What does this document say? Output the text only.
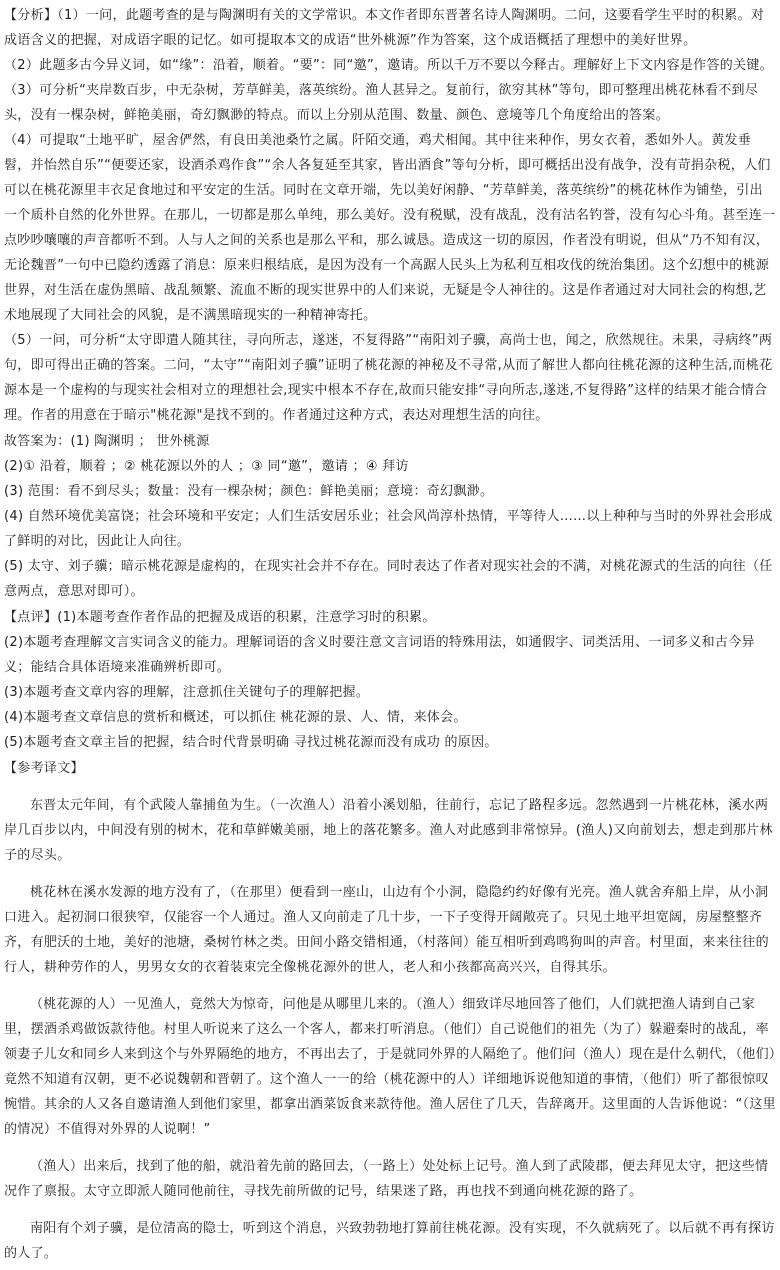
【分析】（1）一问，此题考查的是与陶渊明有关的文学常识。本文作者即东晋著名诗人陶渊明。二问，这要看学生平时的积累。对成语含义的把握，对成语字眼的记忆。如可提取本文的成语“世外桃源”作为答案，这个成语概括了理想中的美好世界。

（2）此题多古今异义词，如“缘”：沿着，顺着。“要”：同“邀”，邀请。所以千万不要以今释古。理解好上下文内容是作答的关键。

（3）可分析“夹岸数百步，中无杂树，芳草鲜美，落英缤纷。渔人甚异之。复前行，欲穷其林”等句，即可整理出桃花林看不到尽头，没有一棵杂树，鲜艳美丽，奇幻飘渺的特点。而以上分别从范围、数量、颜色、意境等几个角度给出的答案。

（4）可提取“土地平旷，屋舍俨然，有良田美池桑竹之属。阡陌交通，鸡犬相闻。其中往来种作，男女衣着，悉如外人。黄发垂髫，并怡然自乐”“便要还家，设酒杀鸡作食”“余人各复延至其家，皆出酒食”等句分析，即可概括出没有战争，没有苛捐杂税，人们可以在桃花源里丰衣足食地过和平安定的生活。同时在文章开端，先以美好闲静、“芳草鲜美，落英缤纷”的桃花林作为铺垫，引出一个质朴自然的化外世界。在那儿，一切都是那么单纯，那么美好。没有税赋，没有战乱，没有沽名钓誉，没有勾心斗角。甚至连一点吵吵嚷嚷的声音都听不到。人与人之间的关系也是那么平和，那么诚恳。造成这一切的原因，作者没有明说，但从“乃不知有汉，无论魏晋”一句中已隐约透露了消息：原来归根结底，是因为没有一个高踞人民头上为私利互相攻伐的统治集团。这个幻想中的桃源世界，对生活在虚伪黑暗、战乱频繁、流血不断的现实世界中的人们来说，无疑是令人神往的。这是作者通过对大同社会的构想,艺术地展现了大同社会的风貌，是不满黑暗现实的一种精神寄托。

（5）一问，可分析“太守即遣人随其往，寻向所志，遂迷，不复得路”“南阳刘子骥，高尚士也，闻之，欣然规往。未果，寻病终”两句，即可得出正确的答案。二问，“太守”“南阳刘子骥”证明了桃花源的神秘及不寻常,从而了解世人都向往桃花源的这种生活,而桃花源本是一个虚构的与现实社会相对立的理想社会,现实中根本不存在,故而只能安排“寻向所志,遂迷,不复得路”这样的结果才能合情合理。作者的用意在于暗示"桃花源"是找不到的。作者通过这种方式，表达对理想生活的向往。

故答案为：(1) 陶渊明 ； 世外桃源

(2)① 沿着，顺着 ；② 桃花源以外的人 ；③ 同“邀”，邀请 ；④ 拜访

(3) 范围：看不到尽头；数量：没有一棵杂树；颜色：鲜艳美丽；意境：奇幻飘渺。

(4) 自然环境优美富饶；社会环境和平安定；人们生活安居乐业；社会风尚淳朴热情，平等待人……以上种种与当时的外界社会形成了鲜明的对比，因此让人向往。

(5) 太守、刘子骥；暗示桃花源是虚构的，在现实社会并不存在。同时表达了作者对现实社会的不满，对桃花源式的生活的向往（任意两点，意思对即可）。

【点评】(1)本题考查作者作品的把握及成语的积累，注意学习时的积累。

(2)本题考查理解文言实词含义的能力。理解词语的含义时要注意文言词语的特殊用法，如通假字、词类活用、一词多义和古今异义；能结合具体语境来准确辨析即可。

(3)本题考查文章内容的理解，注意抓住关键句子的理解把握。

(4)本题考查文章信息的赏析和概述，可以抓住 桃花源的景、人、情，来体会。

(5)本题考查文章主旨的把握，结合时代背景明确 寻找过桃花源而没有成功 的原因。

【参考译文】

东晋太元年间，有个武陵人靠捕鱼为生。（一次渔人）沿着小溪划船，往前行，忘记了路程多远。忽然遇到一片桃花林，溪水两岸几百步以内，中间没有别的树木，花和草鲜嫩美丽，地上的落花繁多。渔人对此感到非常惊异。(渔人)又向前划去，想走到那片林子的尽头。

桃花林在溪水发源的地方没有了，（在那里）便看到一座山，山边有个小洞，隐隐约约好像有光亮。渔人就舍弃船上岸，从小洞口进入。起初洞口很狭窄，仅能容一个人通过。渔人又向前走了几十步，一下子变得开阔敞亮了。只见土地平坦宽阔，房屋整整齐齐，有肥沃的土地，美好的池塘，桑树竹林之类。田间小路交错相通，（村落间）能互相听到鸡鸣狗叫的声音。村里面，来来往往的行人，耕种劳作的人，男男女女的衣着装束完全像桃花源外的世人，老人和小孩都高高兴兴，自得其乐。

（桃花源的人）一见渔人，竟然大为惊奇，问他是从哪里儿来的。（渔人）细致详尽地回答了他们，人们就把渔人请到自己家里，摆酒杀鸡做饭款待他。村里人听说来了这么一个客人，都来打听消息。（他们）自己说他们的祖先（为了）躲避秦时的战乱，率领妻子儿女和同乡人来到这个与外界隔绝的地方，不再出去了，于是就同外界的人隔绝了。他们问（渔人）现在是什么朝代，（他们）竟然不知道有汉朝，更不必说魏朝和晋朝了。这个渔人一一的给（桃花源中的人）详细地诉说他知道的事情，（他们）听了都很惊叹惋惜。其余的人又各自邀请渔人到他们家里，都拿出酒菜饭食来款待他。渔人居住了几天，告辞离开。这里面的人告诉他说：“（这里的情况）不值得对外界的人说啊！”

（渔人）出来后，找到了他的船，就沿着先前的路回去，（一路上）处处标上记号。渔人到了武陵郡，便去拜见太守，把这些情况作了禀报。太守立即派人随同他前往，寻找先前所做的记号，结果迷了路，再也找不到通向桃花源的路了。

南阳有个刘子骥，是位清高的隐士，听到这个消息，兴致勃勃地打算前往桃花源。没有实现，不久就病死了。以后就不再有探访的人了。
